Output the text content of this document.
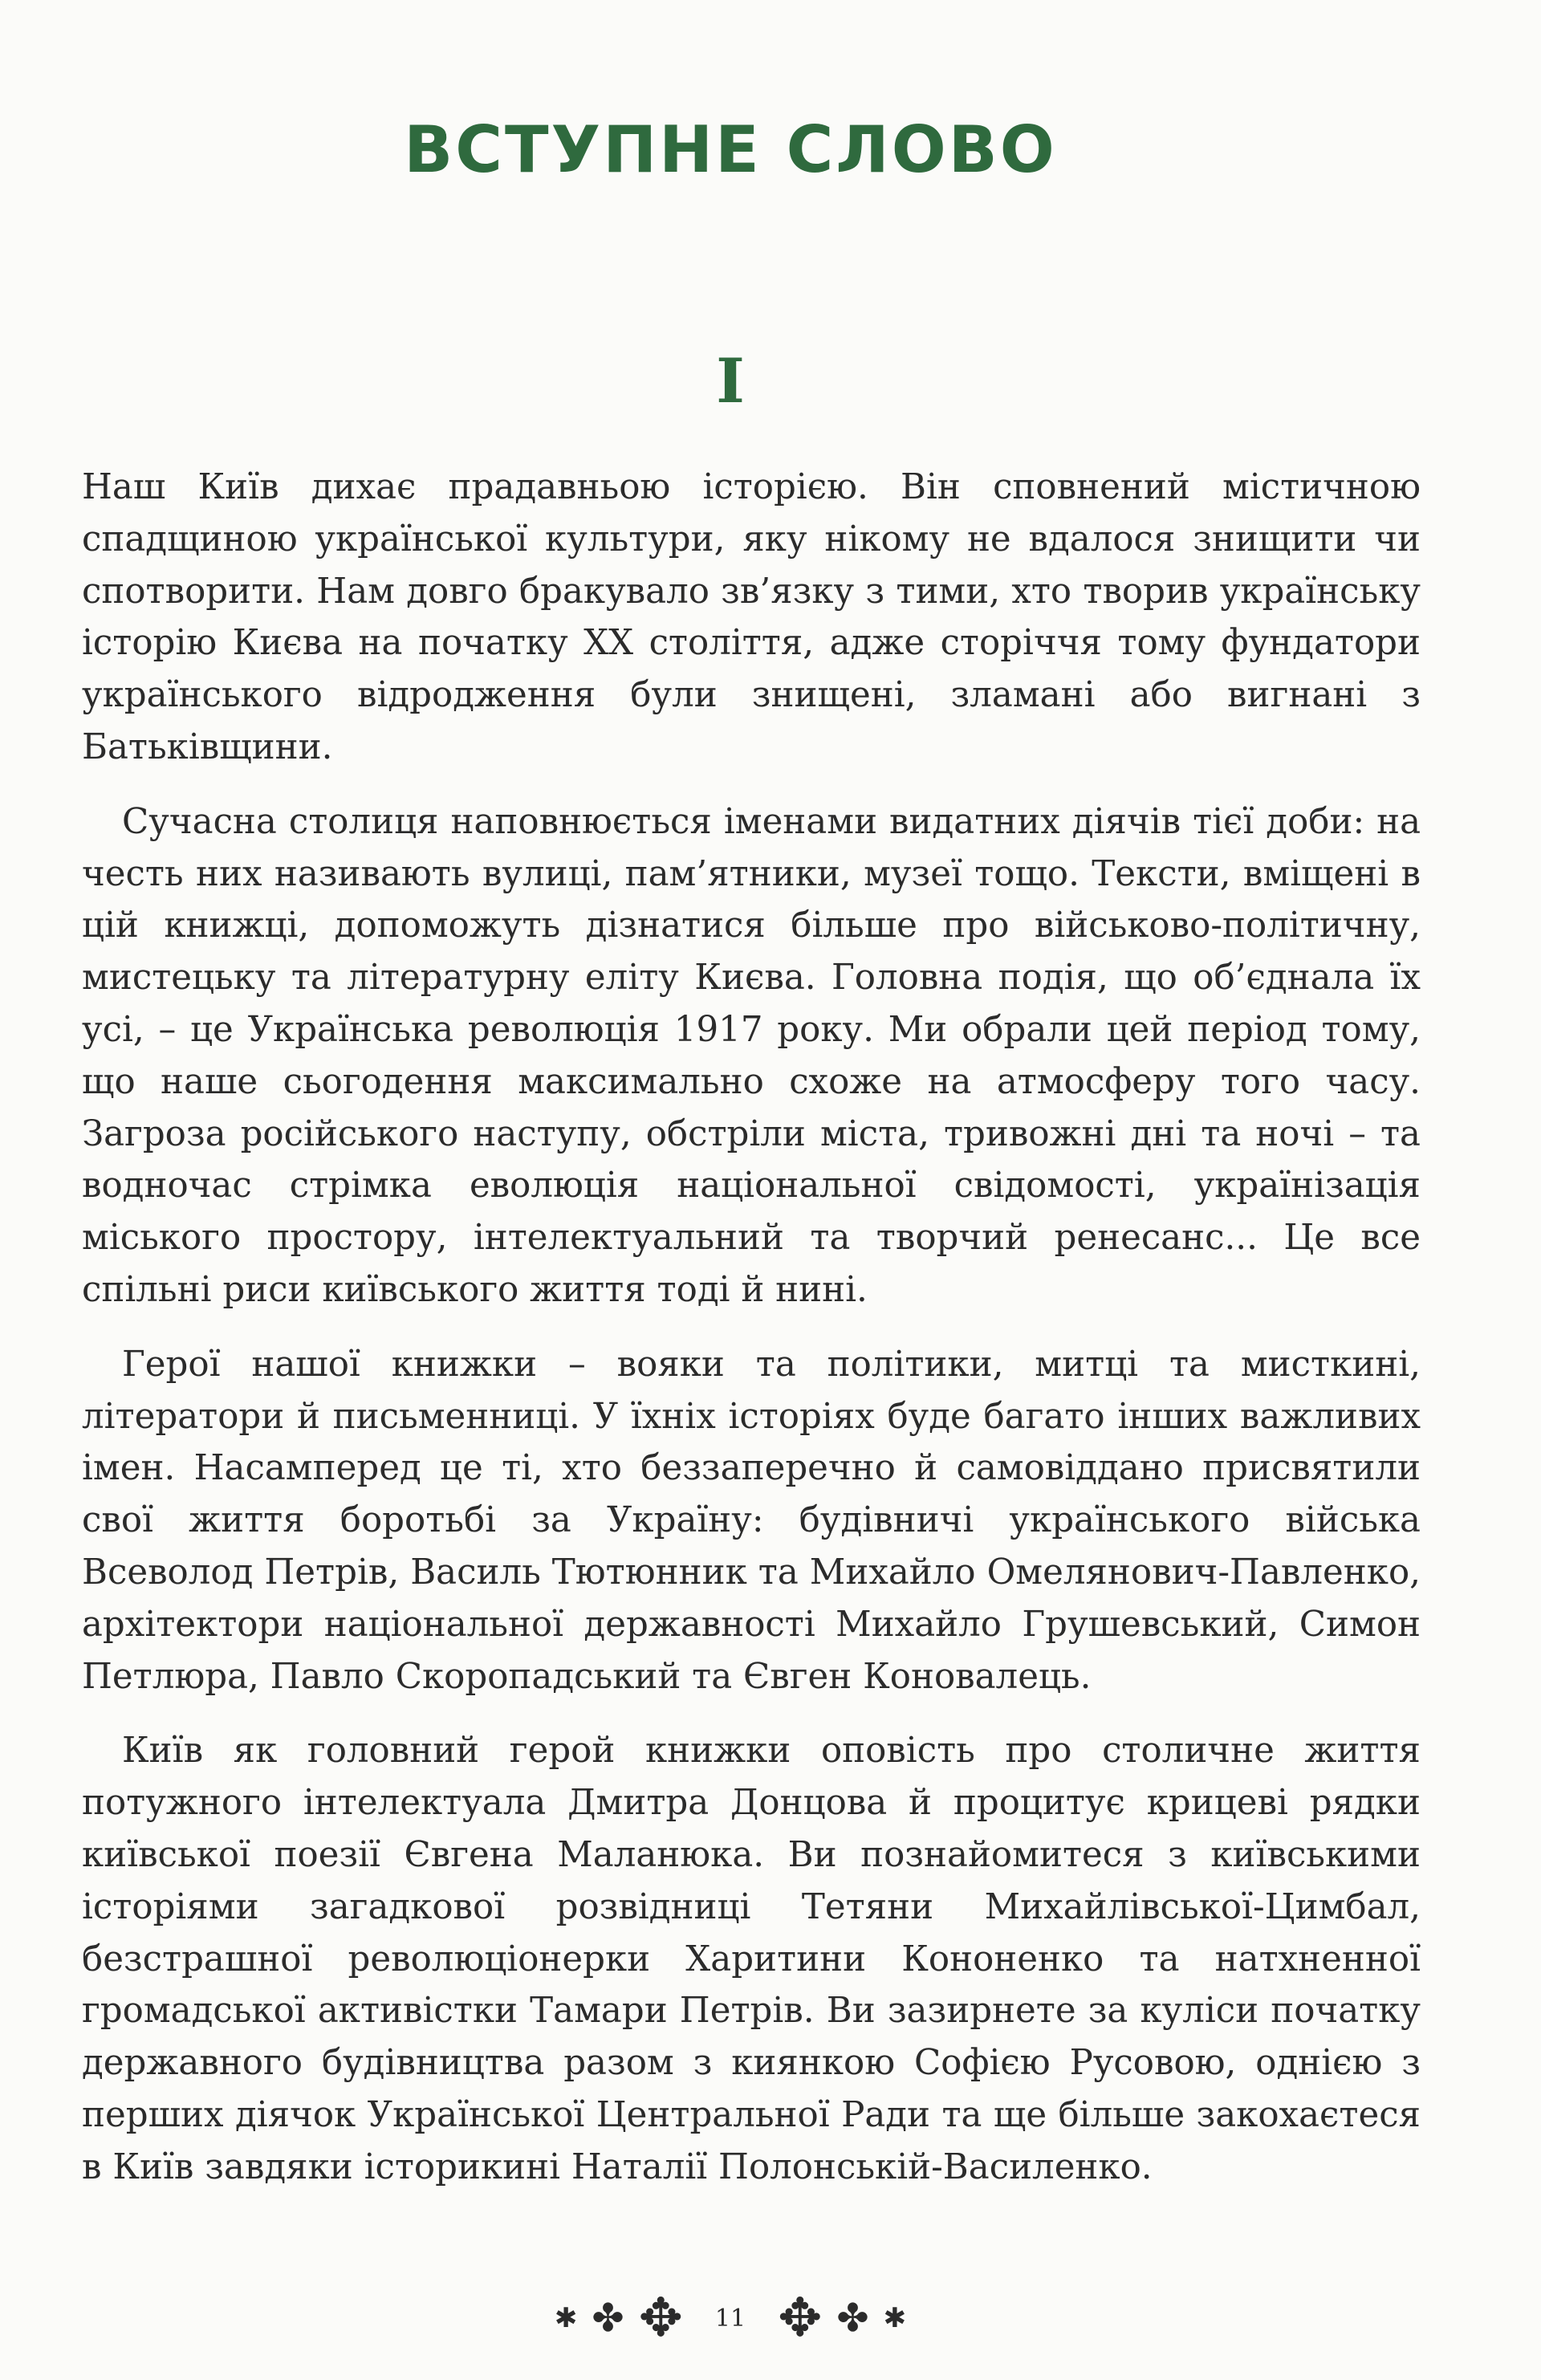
ВСТУПНЕ СЛОВО
I

Наш Київ дихає прадавньою історією. Він сповнений містичною спадщиною української культури, яку нікому не вдалося знищити чи спотворити. Нам довго бракувало зв’язку з тими, хто творив українську історію Києва на початку XX століття, адже сторіччя тому фундатори українського відродження були знищені, зламані або вигнані з Батьківщини.

Сучасна столиця наповнюється іменами видатних діячів тієї доби: на честь них називають вулиці, пам’ятники, музеї тощо. Тексти, вміщені в цій книжці, допоможуть дізнатися більше про військово-політичну, мистецьку та літературну еліту Києва. Головна подія, що об’єднала їх усі, – це Українська революція 1917 року. Ми обрали цей період тому, що наше сьогодення максимально схоже на атмосферу того часу. Загроза російського наступу, обстріли міста, тривожні дні та ночі – та водночас стрімка еволюція національної свідомості, українізація міського простору, інтелектуальний та творчий ренесанс... Це все спільні риси київського життя тоді й нині.

Герої нашої книжки – вояки та політики, митці та мисткині, літератори й письменниці. У їхніх історіях буде багато інших важливих імен. Насамперед це ті, хто беззаперечно й самовіддано присвятили свої життя боротьбі за Україну: будівничі українського війська Всеволод Петрів, Василь Тютюнник та Михайло Омелянович-Павленко, архітектори національної державності Михайло Грушевський, Симон Петлюра, Павло Скоропадський та Євген Коновалець.

Київ як головний герой книжки оповість про столичне життя потужного інтелектуала Дмитра Донцова й процитує крицеві рядки київської поезії Євгена Маланюка. Ви познайомитеся з київськими історіями загадкової розвідниці Тетяни Михайлівської-Цимбал, безстрашної революціонерки Харитини Кононенко та натхненної громадської активістки Тамари Петрів. Ви зазирнете за куліси початку державного будівництва разом з киянкою Софією Русовою, однією з перших діячок Української Центральної Ради та ще більше закохаєтеся в Київ завдяки історикині Наталії Полонській-Василенко.

✱ ✤ ✥ 11 ✥ ✤ ✱
